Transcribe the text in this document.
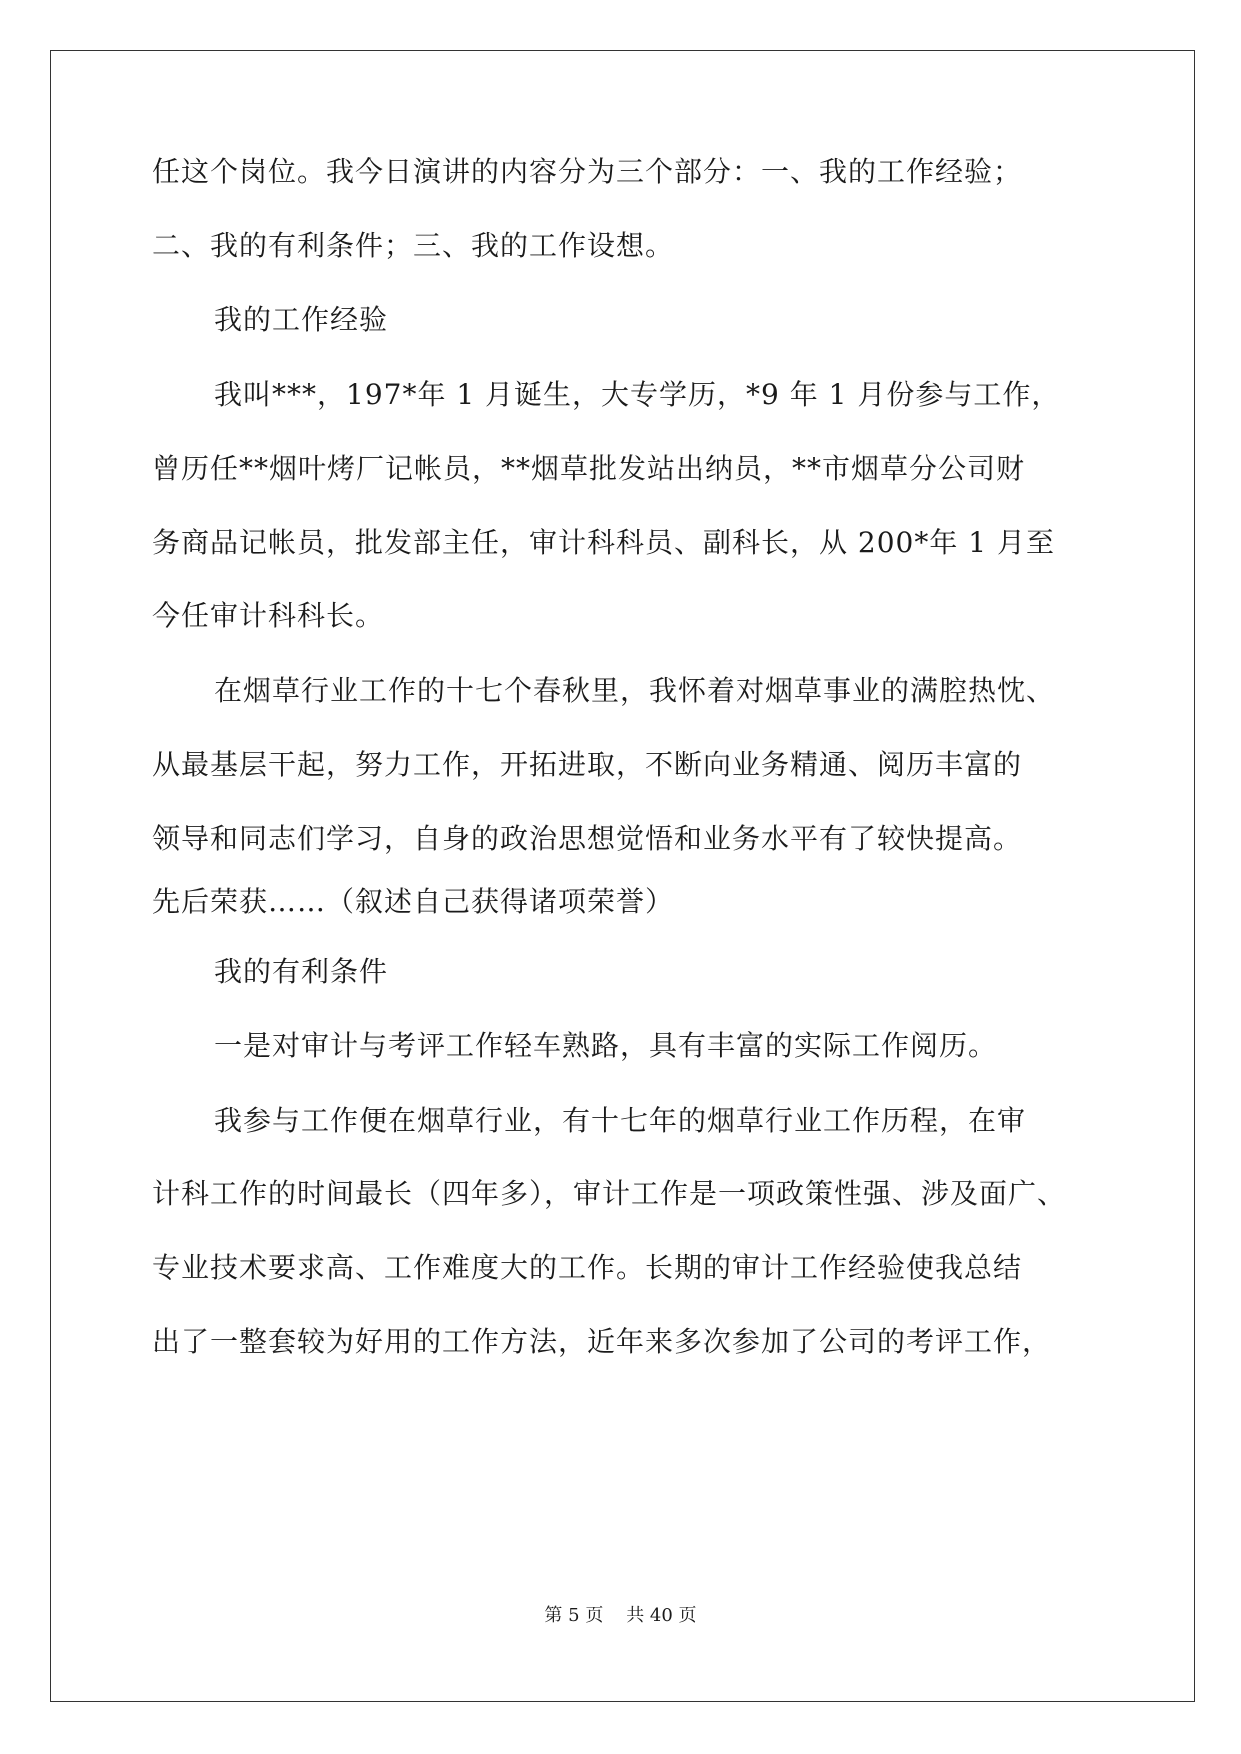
任这个岗位。我今日演讲的内容分为三个部分：一、我的工作经验；
二、我的有利条件；三、我的工作设想。
我的工作经验
我叫***，197*年 1 月诞生，大专学历，*9 年 1 月份参与工作，
曾历任**烟叶烤厂记帐员，**烟草批发站出纳员，**市烟草分公司财
务商品记帐员，批发部主任，审计科科员、副科长，从 200*年 1 月至
今任审计科科长。
在烟草行业工作的十七个春秋里，我怀着对烟草事业的满腔热忱、
从最基层干起，努力工作，开拓进取，不断向业务精通、阅历丰富的
领导和同志们学习，自身的政治思想觉悟和业务水平有了较快提高。
先后荣获……（叙述自己获得诸项荣誉）
我的有利条件
一是对审计与考评工作轻车熟路，具有丰富的实际工作阅历。
我参与工作便在烟草行业，有十七年的烟草行业工作历程，在审
计科工作的时间最长（四年多），审计工作是一项政策性强、涉及面广、
专业技术要求高、工作难度大的工作。长期的审计工作经验使我总结
出了一整套较为好用的工作方法，近年来多次参加了公司的考评工作，
第 5 页    共 40 页
